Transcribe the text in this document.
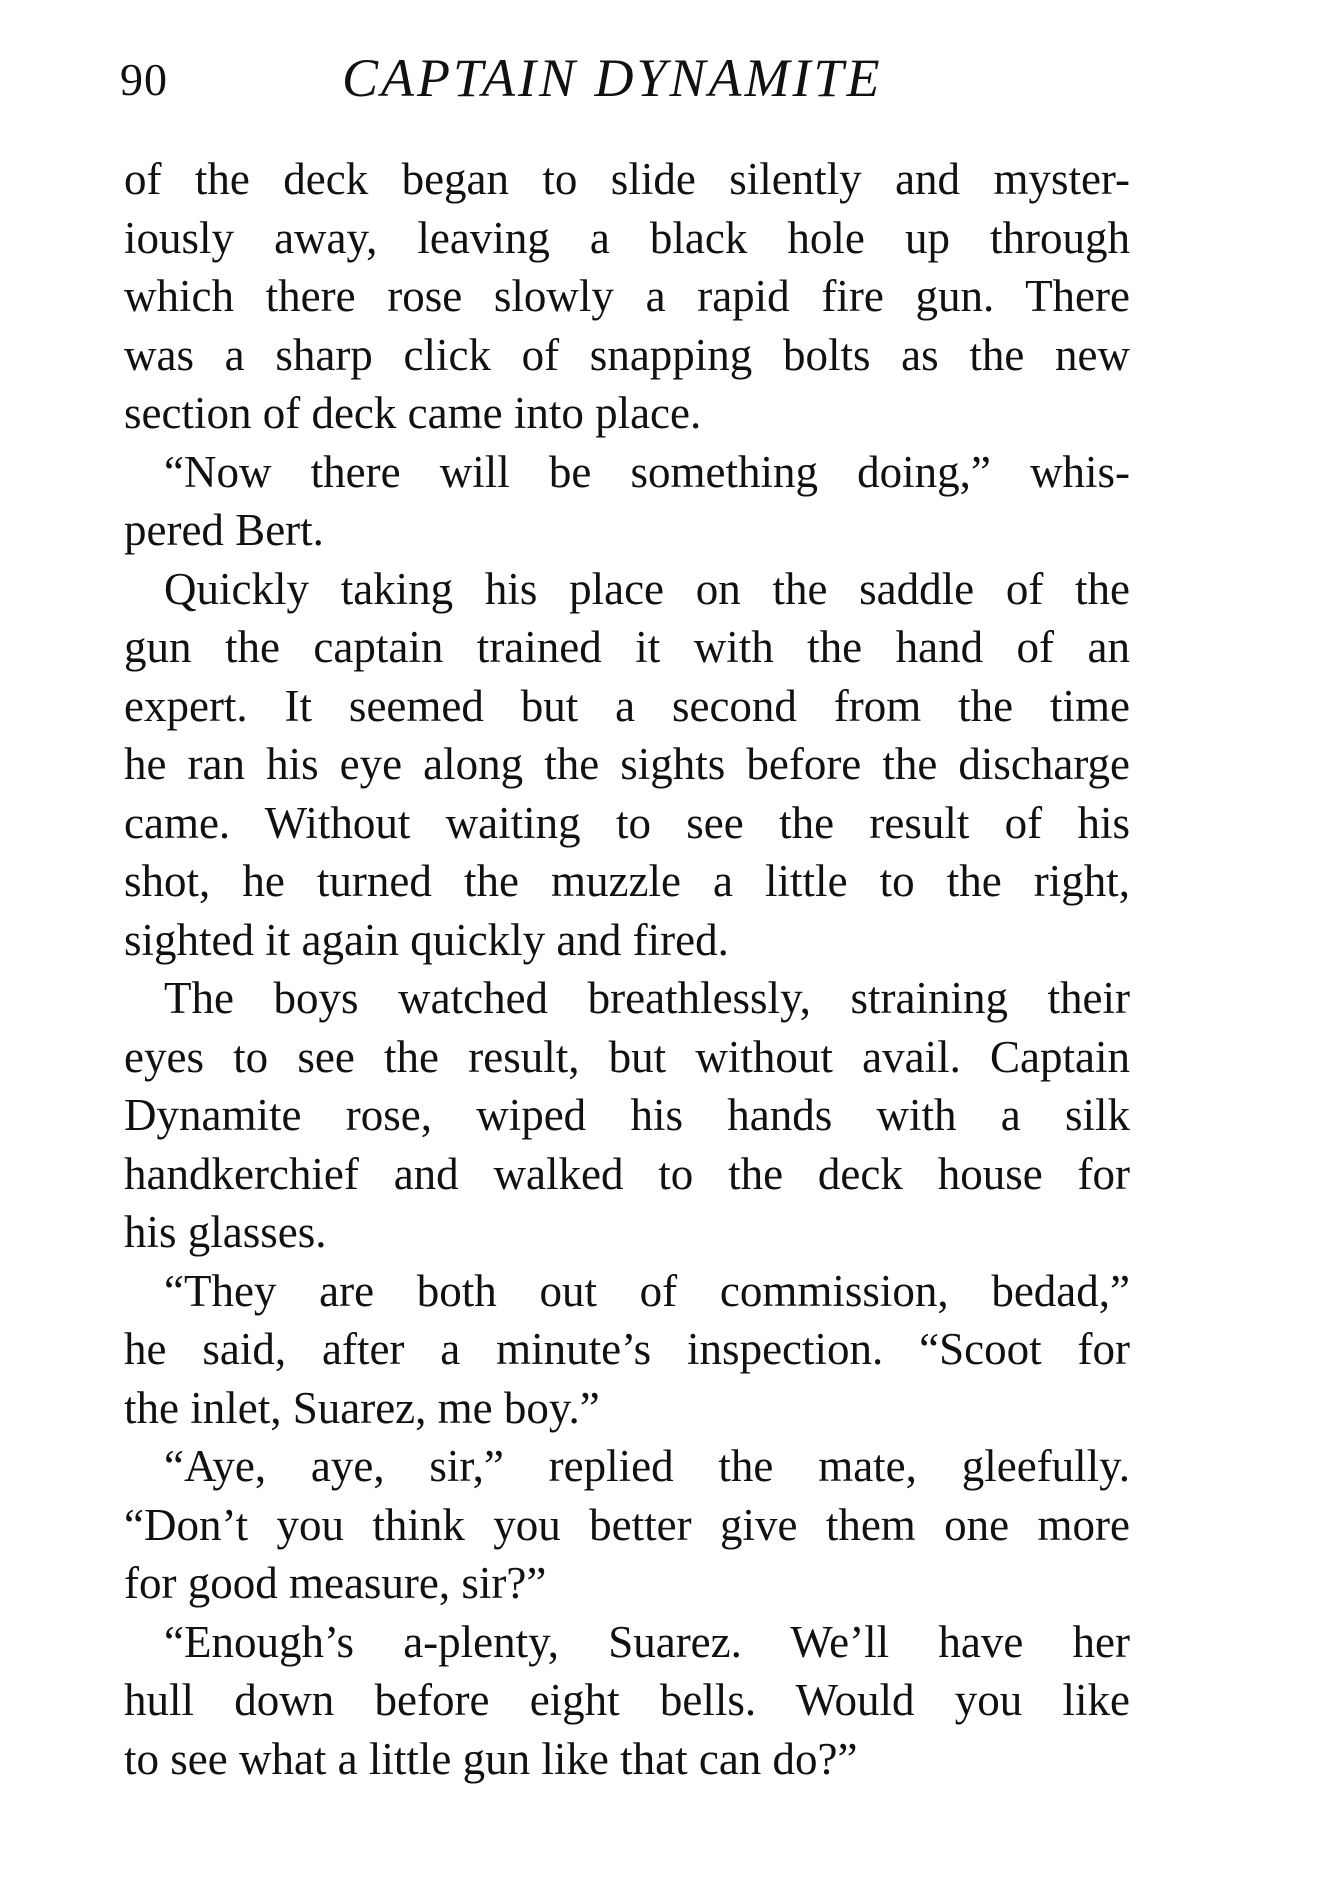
90	CAPTAIN DYNAMITE
of the deck began to slide silently and myster-
iously away, leaving a black hole up through
which there rose slowly a rapid fire gun. There
was a sharp click of snapping bolts as the new
section of deck came into place.
“Now there will be something doing,” whis-
pered Bert.
Quickly taking his place on the saddle of the
gun the captain trained it with the hand of an
expert. It seemed but a second from the time
he ran his eye along the sights before the discharge
came. Without waiting to see the result of his
shot, he turned the muzzle a little to the right,
sighted it again quickly and fired.
The boys watched breathlessly, straining their
eyes to see the result, but without avail. Captain
Dynamite rose, wiped his hands with a silk
handkerchief and walked to the deck house for
his glasses.
“They are both out of commission, bedad,”
he said, after a minute’s inspection. “Scoot for
the inlet, Suarez, me boy.”
“Aye, aye, sir,” replied the mate, gleefully.
“Don’t you think you better give them one more
for good measure, sir?”
“Enough’s a-plenty, Suarez. We’ll have her
hull down before eight bells. Would you like
to see what a little gun like that can do?”
